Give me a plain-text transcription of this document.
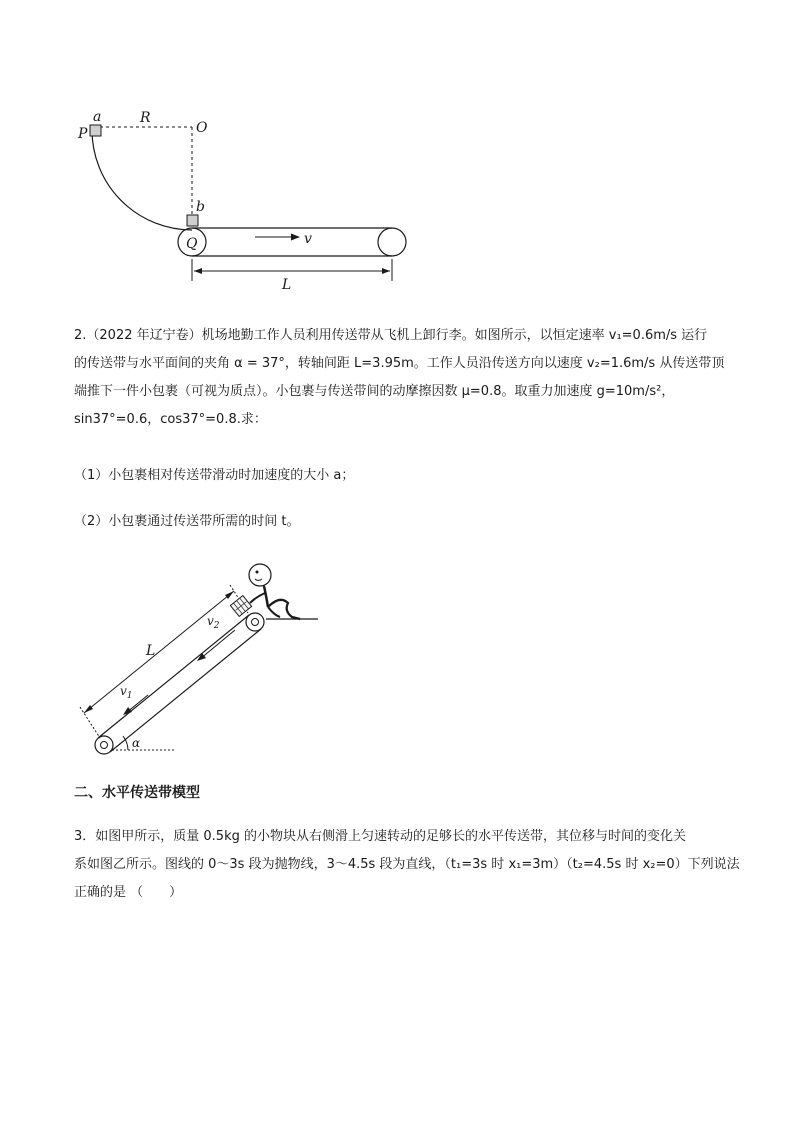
P
a	R
O
b
Q	v
L
2.（2022 年辽宁卷）机场地勤工作人员利用传送带从飞机上卸行李。如图所示，以恒定速率 v₁=0.6m/s 运行
的传送带与水平面间的夹角 α = 37°，转轴间距 L=3.95m。工作人员沿传送方向以速度 v₂=1.6m/s 从传送带顶
端推下一件小包裹（可视为质点）。小包裹与传送带间的动摩擦因数 μ=0.8。取重力加速度 g=10m/s²，
sin37°=0.6，cos37°=0.8.求：
（1）小包裹相对传送带滑动时加速度的大小 a；
（2）小包裹通过传送带所需的时间 t。
L
$v_2$
$v_1$
α
二、水平传送带模型
3．如图甲所示，质量 0.5kg 的小物块从右侧滑上匀速转动的足够长的水平传送带，其位移与时间的变化关
系如图乙所示。图线的 0～3s 段为抛物线，3～4.5s 段为直线，（t₁=3s 时 x₁=3m）（t₂=4.5s 时 x₂=0）下列说法
正确的是 （　　）
